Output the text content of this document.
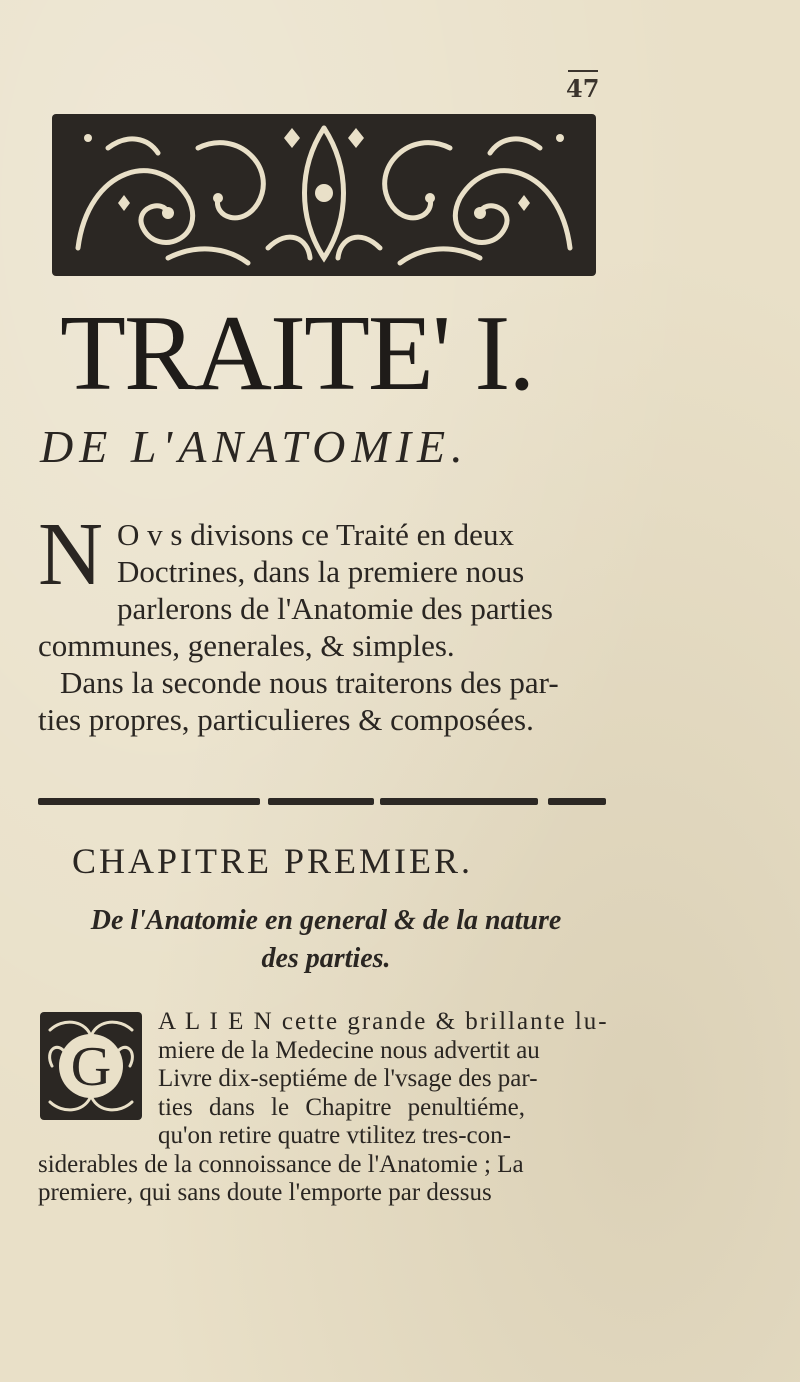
47
TRAITE' I.
DE L'ANATOMIE.
N O v s divisons ce Traité en deux
Doctrines, dans la premiere nous
parlerons de l'Anatomie des parties
communes, generales, & simples.
Dans la seconde nous traiterons des par-
ties propres, particulieres & composées.
CHAPITRE PREMIER.
De l'Anatomie en general & de la nature
des parties.
G
A L I E N cette grande & brillante lu-
miere de la Medecine nous advertit au
Livre dix-septiéme de l'vsage des par-
ties dans le Chapitre penultiéme,
qu'on retire quatre vtilitez tres-con-
siderables de la connoissance de l'Anatomie ; La
premiere, qui sans doute l'emporte par dessus
